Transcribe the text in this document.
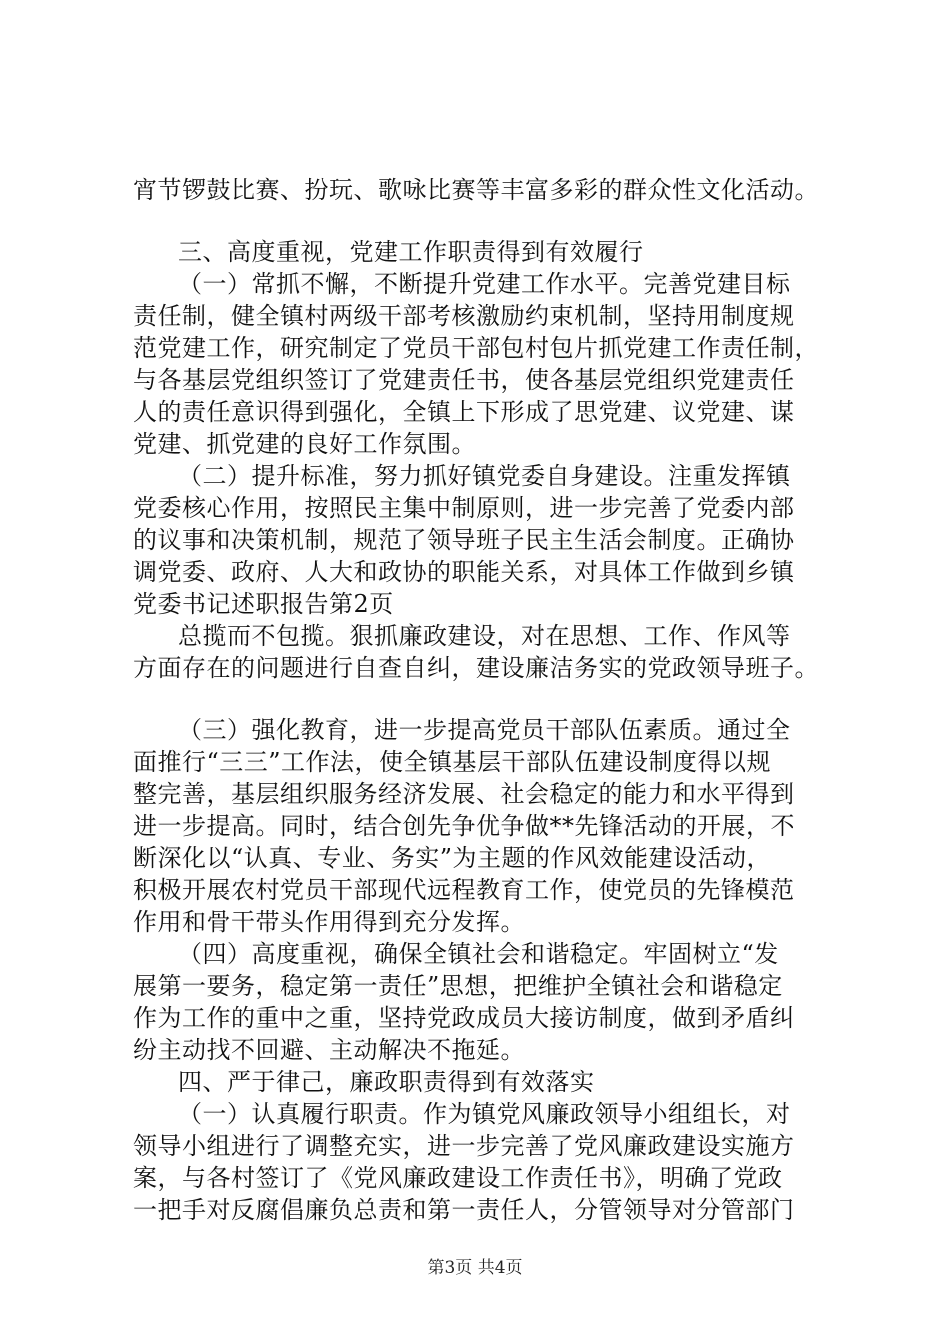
宵节锣鼓比赛、扮玩、歌咏比赛等丰富多彩的群众性文化活动。
三、高度重视，党建工作职责得到有效履行
（一）常抓不懈，不断提升党建工作水平。完善党建目标
责任制，健全镇村两级干部考核激励约束机制，坚持用制度规
范党建工作，研究制定了党员干部包村包片抓党建工作责任制，
与各基层党组织签订了党建责任书，使各基层党组织党建责任
人的责任意识得到强化，全镇上下形成了思党建、议党建、谋
党建、抓党建的良好工作氛围。
（二）提升标准，努力抓好镇党委自身建设。注重发挥镇
党委核心作用，按照民主集中制原则，进一步完善了党委内部
的议事和决策机制，规范了领导班子民主生活会制度。正确协
调党委、政府、人大和政协的职能关系，对具体工作做到乡镇
党委书记述职报告第2页
总揽而不包揽。狠抓廉政建设，对在思想、工作、作风等
方面存在的问题进行自查自纠，建设廉洁务实的党政领导班子。
（三）强化教育，进一步提高党员干部队伍素质。通过全
面推行“三三”工作法，使全镇基层干部队伍建设制度得以规
整完善，基层组织服务经济发展、社会稳定的能力和水平得到
进一步提高。同时，结合创先争优争做**先锋活动的开展，不
断深化以“认真、专业、务实”为主题的作风效能建设活动，
积极开展农村党员干部现代远程教育工作，使党员的先锋模范
作用和骨干带头作用得到充分发挥。
（四）高度重视，确保全镇社会和谐稳定。牢固树立“发
展第一要务，稳定第一责任”思想，把维护全镇社会和谐稳定
作为工作的重中之重，坚持党政成员大接访制度，做到矛盾纠
纷主动找不回避、主动解决不拖延。
四、严于律己，廉政职责得到有效落实
（一）认真履行职责。作为镇党风廉政领导小组组长，对
领导小组进行了调整充实，进一步完善了党风廉政建设实施方
案，与各村签订了《党风廉政建设工作责任书》，明确了党政
一把手对反腐倡廉负总责和第一责任人，分管领导对分管部门
第3页 共4页
